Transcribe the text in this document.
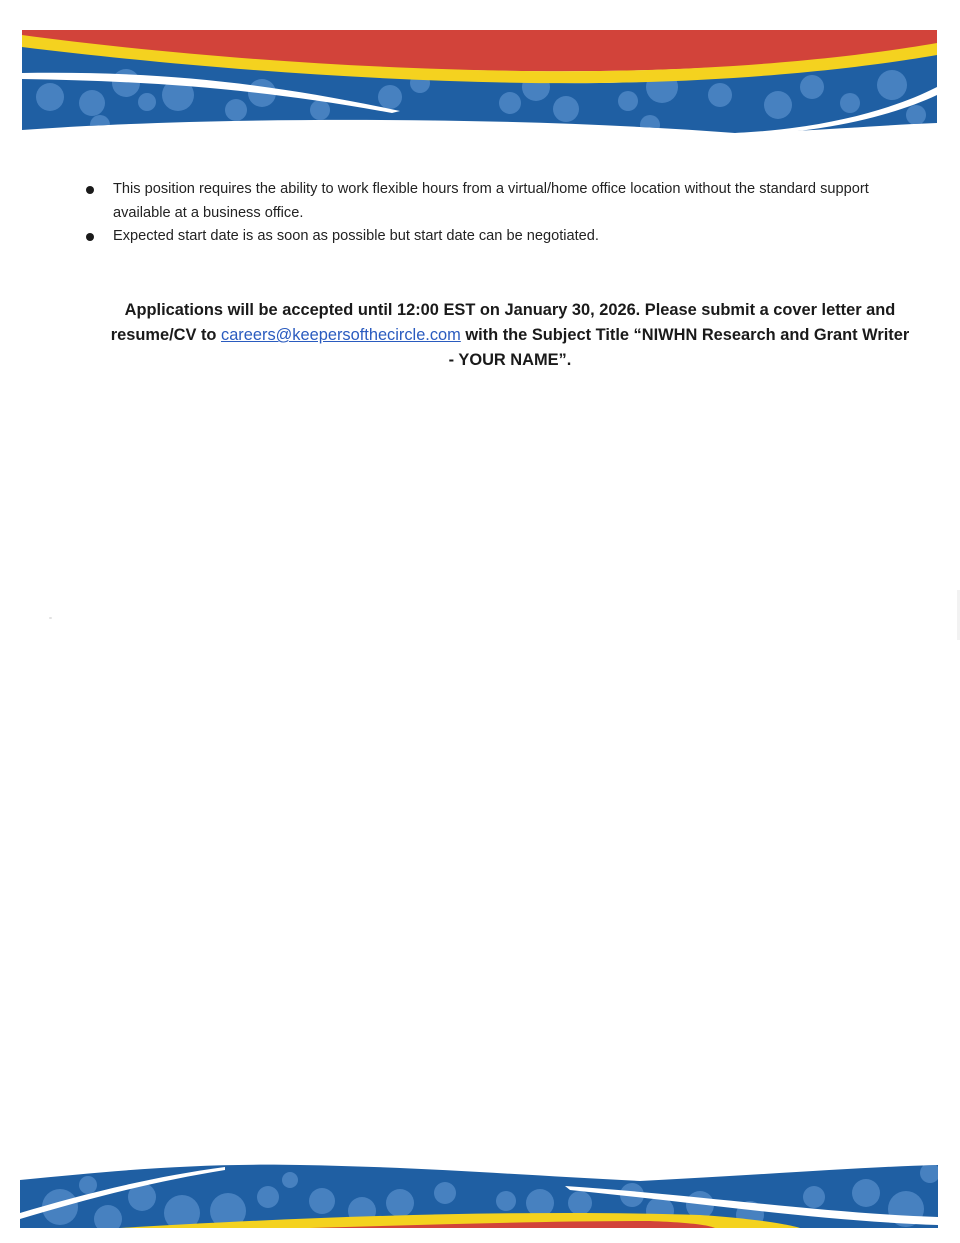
This position requires the ability to work flexible hours from a virtual/home office location without the standard support available at a business office.
Expected start date is as soon as possible but start date can be negotiated.

Applications will be accepted until 12:00 EST on January 30, 2026. Please submit a cover letter and resume/CV to careers@keepersofthecircle.com with the Subject Title “NIWHN Research and Grant Writer - YOUR NAME”.
